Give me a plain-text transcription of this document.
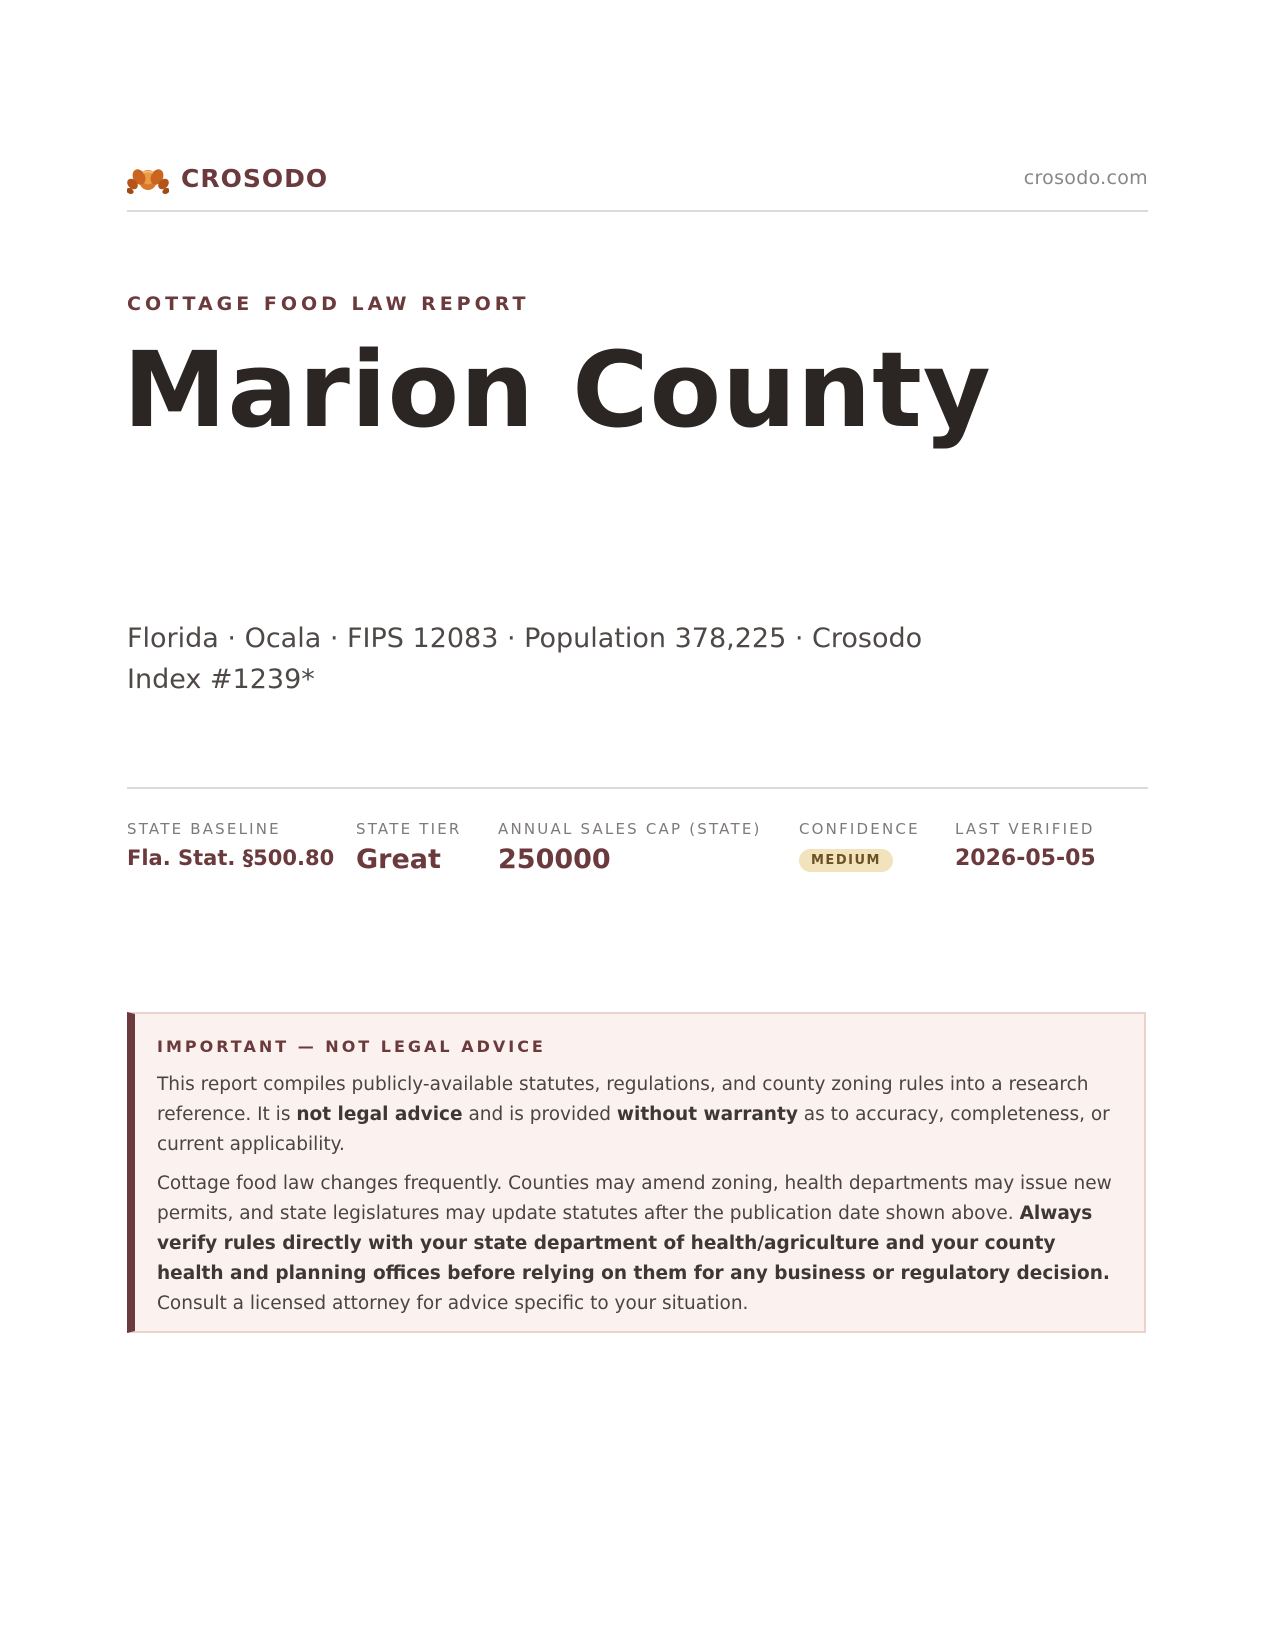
CROSODO	crosodo.com
COTTAGE FOOD LAW REPORT
Marion County
Florida · Ocala · FIPS 12083 · Population 378,225 · Crosodo Index #1239*
STATE BASELINE
Fla. Stat. §500.80
STATE TIER
Great
ANNUAL SALES CAP (STATE)
250000
CONFIDENCE
MEDIUM
LAST VERIFIED
2026-05-05
IMPORTANT — NOT LEGAL ADVICE
This report compiles publicly-available statutes, regulations, and county zoning rules into a research reference. It is not legal advice and is provided without warranty as to accuracy, completeness, or current applicability.
Cottage food law changes frequently. Counties may amend zoning, health departments may issue new permits, and state legislatures may update statutes after the publication date shown above. Always verify rules directly with your state department of health/agriculture and your county health and planning offices before relying on them for any business or regulatory decision. Consult a licensed attorney for advice specific to your situation.
